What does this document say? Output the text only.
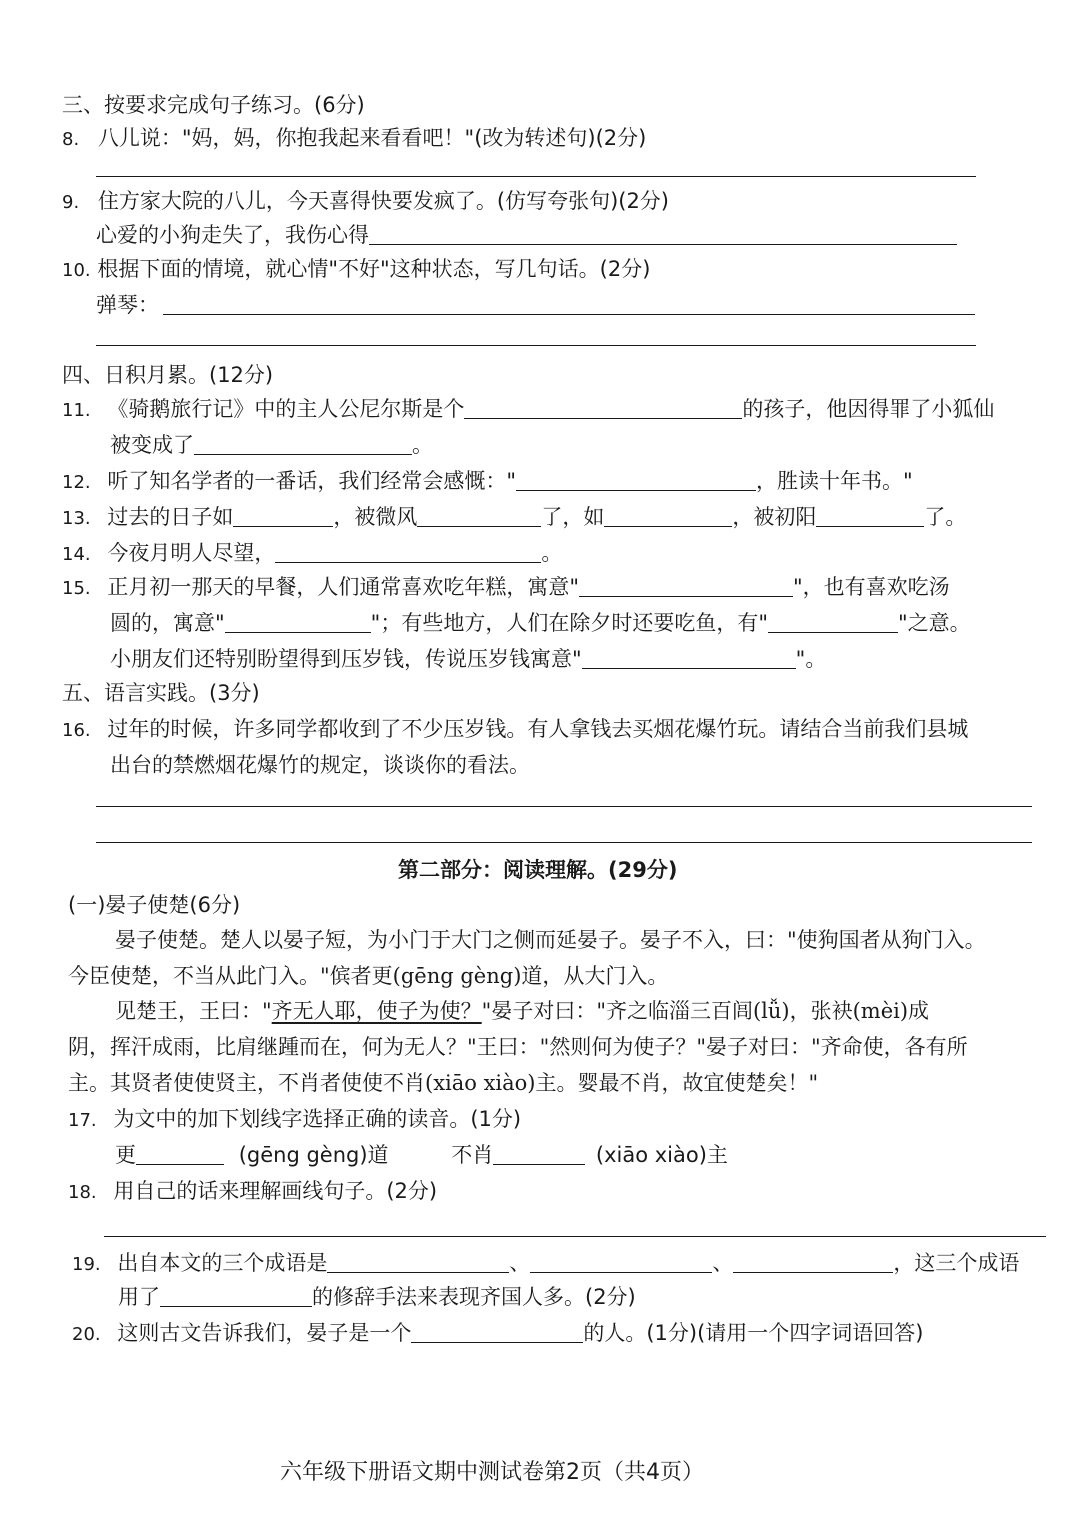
三、按要求完成句子练习。(6分)
8. 八儿说："妈，妈，你抱我起来看看吧！"(改为转述句)(2分)
9. 住方家大院的八儿，今天喜得快要发疯了。(仿写夸张句)(2分)
心爱的小狗走失了，我伤心得
10. 根据下面的情境，就心情"不好"这种状态，写几句话。(2分)
弹琴：
四、日积月累。(12分)
11. 《骑鹅旅行记》中的主人公尼尔斯是个	的孩子，他因得罪了小狐仙
被变成了	。
12. 听了知名学者的一番话，我们经常会感慨："	，胜读十年书。"
13. 过去的日子如	，被微风	了，如	，被初阳	了。
14. 今夜月明人尽望，	。
15. 正月初一那天的早餐，人们通常喜欢吃年糕，寓意"	"，也有喜欢吃汤
圆的，寓意"	"；有些地方，人们在除夕时还要吃鱼，有"	"之意。
小朋友们还特别盼望得到压岁钱，传说压岁钱寓意"	"。
五、语言实践。(3分)
16. 过年的时候，许多同学都收到了不少压岁钱。有人拿钱去买烟花爆竹玩。请结合当前我们县城
出台的禁燃烟花爆竹的规定，谈谈你的看法。
第二部分：阅读理解。(29分)
(一)晏子使楚(6分)
晏子使楚。楚人以晏子短，为小门于大门之侧而延晏子。晏子不入，曰："使狗国者从狗门入。
今臣使楚，不当从此门入。"傧者更(gēng gèng)道，从大门入。
见楚王，王曰："齐无人耶，使子为使？"晏子对曰："齐之临淄三百闾(lǚ)，张袂(mèi)成
阴，挥汗成雨，比肩继踵而在，何为无人？"王曰："然则何为使子？"晏子对曰："齐命使，各有所
主。其贤者使使贤主，不肖者使使不肖(xiāo xiào)主。婴最不肖，故宜使楚矣！"
17. 为文中的加下划线字选择正确的读音。(1分)
更	(gēng gèng)道	不肖	(xiāo xiào)主
18. 用自己的话来理解画线句子。(2分)
19. 出自本文的三个成语是	、	、	，这三个成语
用了	的修辞手法来表现齐国人多。(2分)
20. 这则古文告诉我们，晏子是一个	的人。(1分)(请用一个四字词语回答)
六年级下册语文期中测试卷第2页（共4页）
